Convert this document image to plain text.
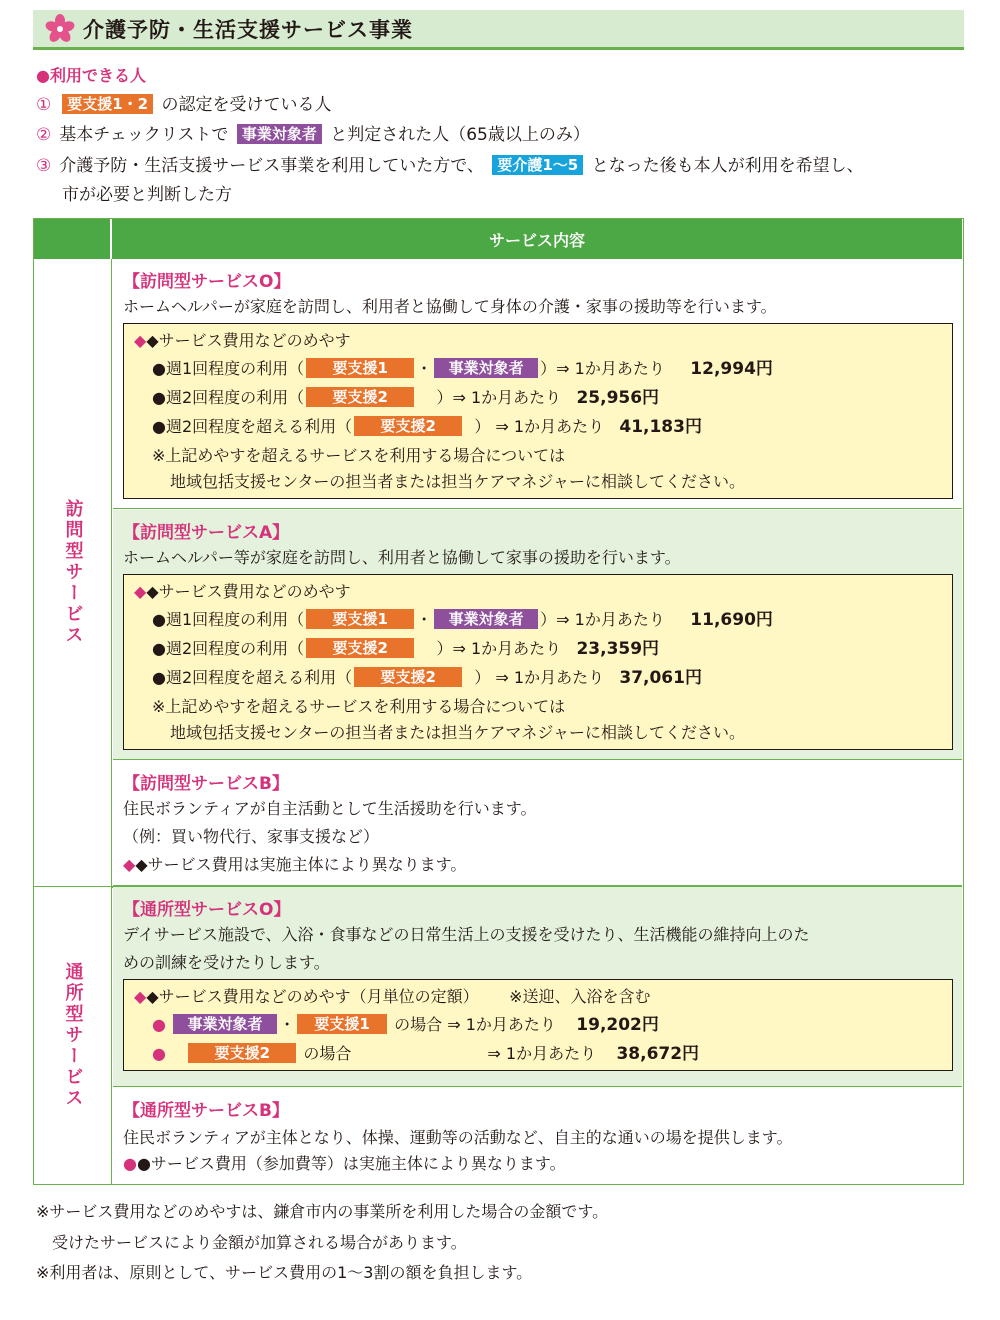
介護予防・生活支援サービス事業
●利用できる人
① 要支援1・2 の認定を受けている人
② 基本チェックリストで 事業対象者 と判定された人（65歳以上のみ）
③ 介護予防・生活支援サービス事業を利用していた方で、 要介護1〜5 となった後も本人が利用を希望し、
市が必要と判断した方
サービス内容
訪問型サービス
通所型サービス
【訪問型サービスO】
ホームヘルパーが家庭を訪問し、利用者と協働して身体の介護・家事の援助等を行います。
◆◆サービス費用などのめやす
●週1回程度の利用（ 要支援1 ・ 事業対象者 ）⇒ 1か月あたり 12,994円
●週2回程度の利用（ 要支援2	）⇒ 1か月あたり 25,956円
●週2回程度を超える利用（ 要支援2 ） ⇒ 1か月あたり 41,183円
※上記めやすを超えるサービスを利用する場合については
地域包括支援センターの担当者または担当ケアマネジャーに相談してください。
【訪問型サービスA】
ホームヘルパー等が家庭を訪問し、利用者と協働して家事の援助を行います。
◆◆サービス費用などのめやす
●週1回程度の利用（ 要支援1 ・ 事業対象者 ）⇒ 1か月あたり 11,690円
●週2回程度の利用（ 要支援2	）⇒ 1か月あたり 23,359円
●週2回程度を超える利用（ 要支援2 ） ⇒ 1か月あたり 37,061円
※上記めやすを超えるサービスを利用する場合については
地域包括支援センターの担当者または担当ケアマネジャーに相談してください。
【訪問型サービスB】
住民ボランティアが自主活動として生活援助を行います。
（例：買い物代行、家事支援など）
◆◆サービス費用は実施主体により異なります。
【通所型サービスO】
デイサービス施設で、入浴・食事などの日常生活上の支援を受けたり、生活機能の維持向上のた
めの訓練を受けたりします。
◆◆サービス費用などのめやす（月単位の定額） ※送迎、入浴を含む
● 事業対象者 ・ 要支援1 の場合 ⇒ 1か月あたり 19,202円
●	要支援2 の場合	⇒ 1か月あたり 38,672円
【通所型サービスB】
住民ボランティアが主体となり、体操、運動等の活動など、自主的な通いの場を提供します。
●●サービス費用（参加費等）は実施主体により異なります。
※サービス費用などのめやすは、鎌倉市内の事業所を利用した場合の金額です。
受けたサービスにより金額が加算される場合があります。
※利用者は、原則として、サービス費用の1〜3割の額を負担します。
